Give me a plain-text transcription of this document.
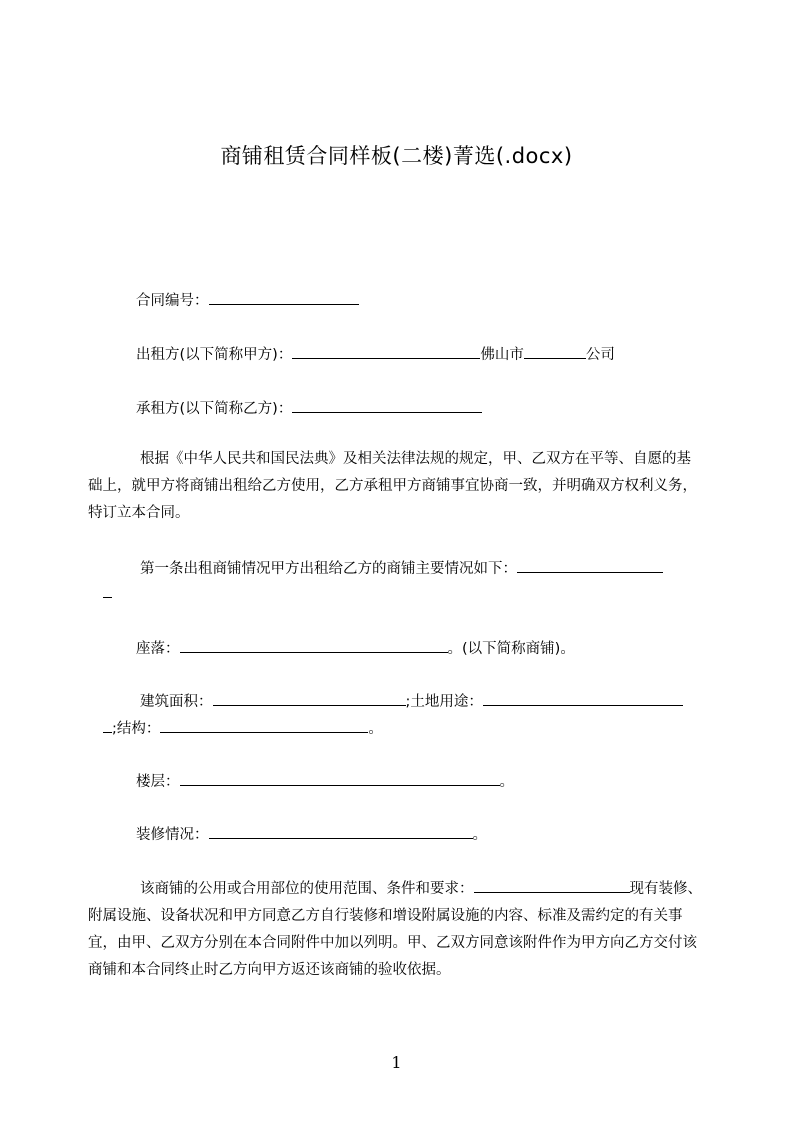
商铺租赁合同样板(二楼)菁选(.docx)
合同编号：
出租方(以下简称甲方)：	佛山市	公司
承租方(以下简称乙方)：
根据《中华人民共和国民法典》及相关法律法规的规定，甲、乙双方在平等、自愿的基础上，就甲方将商铺出租给乙方使用，乙方承租甲方商铺事宜协商一致，并明确双方权利义务，特订立本合同。
第一条出租商铺情况甲方出租给乙方的商铺主要情况如下：
座落：	。(以下简称商铺)。
建筑面积：	;土地用途：
;结构：	。
楼层：	。
装修情况：	。
该商铺的公用或合用部位的使用范围、条件和要求：	现有装修、附属设施、设备状况和甲方同意乙方自行装修和增设附属设施的内容、标准及需约定的有关事宜，由甲、乙双方分别在本合同附件中加以列明。甲、乙双方同意该附件作为甲方向乙方交付该商铺和本合同终止时乙方向甲方返还该商铺的验收依据。
1
